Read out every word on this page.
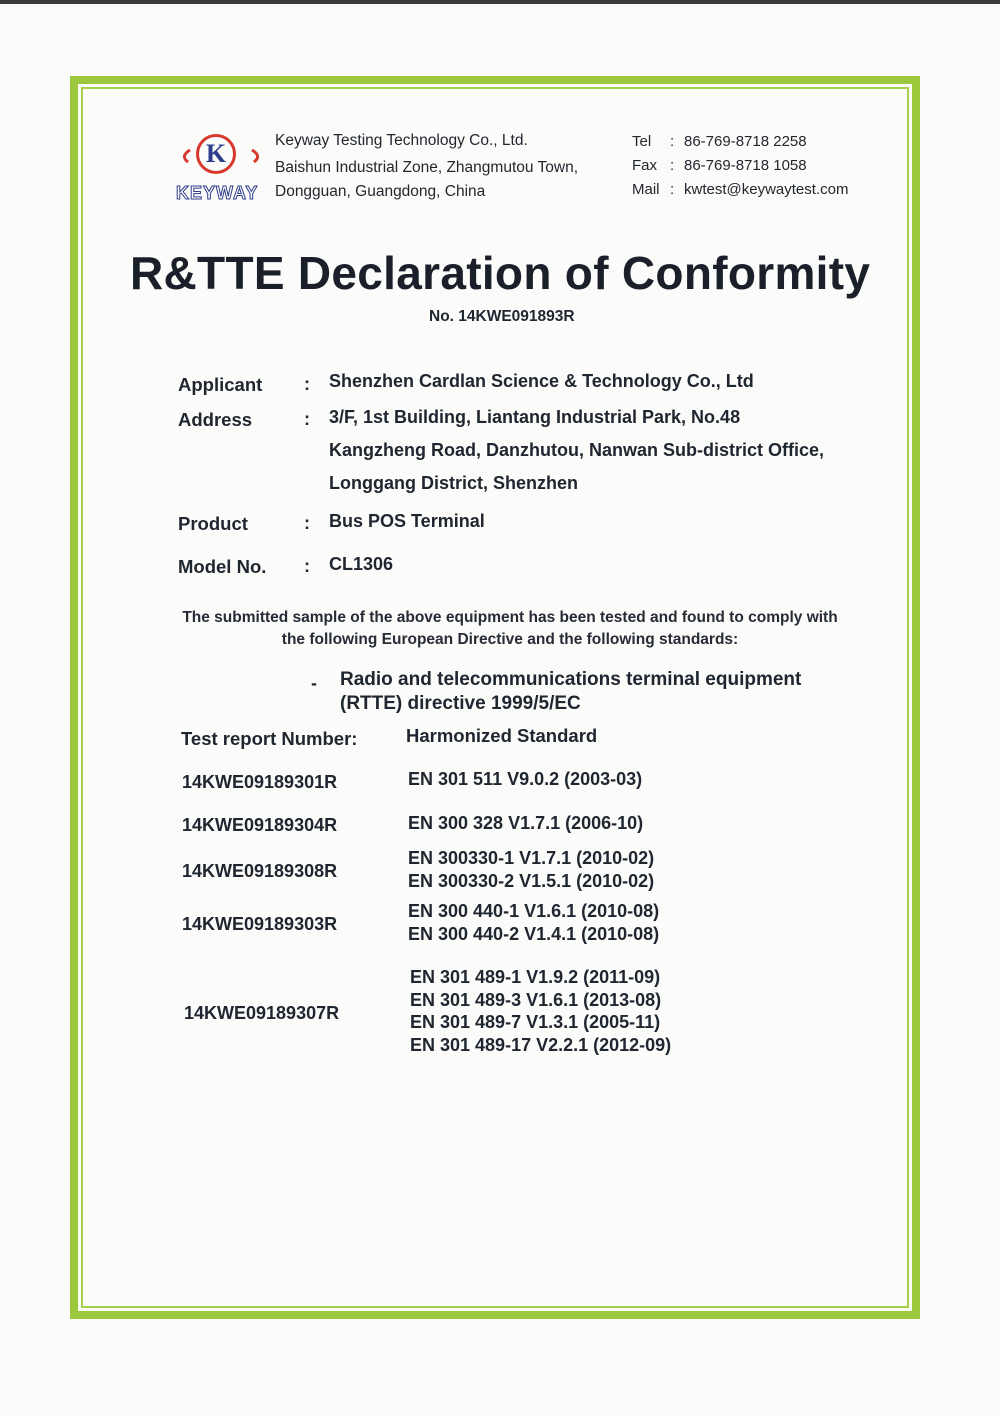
K
KEYWAY
Keyway Testing Technology Co., Ltd.
Baishun Industrial Zone, Zhangmutou Town,
Dongguan, Guangdong, China
Tel : 86-769-8718 2258
Fax : 86-769-8718 1058
Mail : kwtest@keywaytest.com
R&TTE Declaration of Conformity
No. 14KWE091893R
Applicant : Shenzhen Cardlan Science & Technology Co., Ltd
Address	: 3/F, 1st Building, Liantang Industrial Park, No.48
Kangzheng Road, Danzhutou, Nanwan Sub-district Office,
Longgang District, Shenzhen
Product	: Bus POS Terminal
Model No. : CL1306
The submitted sample of the above equipment has been tested and found to comply with
the following European Directive and the following standards:
- Radio and telecommunications terminal equipment
(RTTE) directive 1999/5/EC
Test report Number:	Harmonized Standard
14KWE09189301R	EN 301 511 V9.0.2 (2003-03)
14KWE09189304R	EN 300 328 V1.7.1 (2006-10)
14KWE09189308R
EN 300330-1 V1.7.1 (2010-02)
EN 300330-2 V1.5.1 (2010-02)
14KWE09189303R
EN 300 440-1 V1.6.1 (2010-08)
EN 300 440-2 V1.4.1 (2010-08)
14KWE09189307R
EN 301 489-1 V1.9.2 (2011-09)
EN 301 489-3 V1.6.1 (2013-08)
EN 301 489-7 V1.3.1 (2005-11)
EN 301 489-17 V2.2.1 (2012-09)
